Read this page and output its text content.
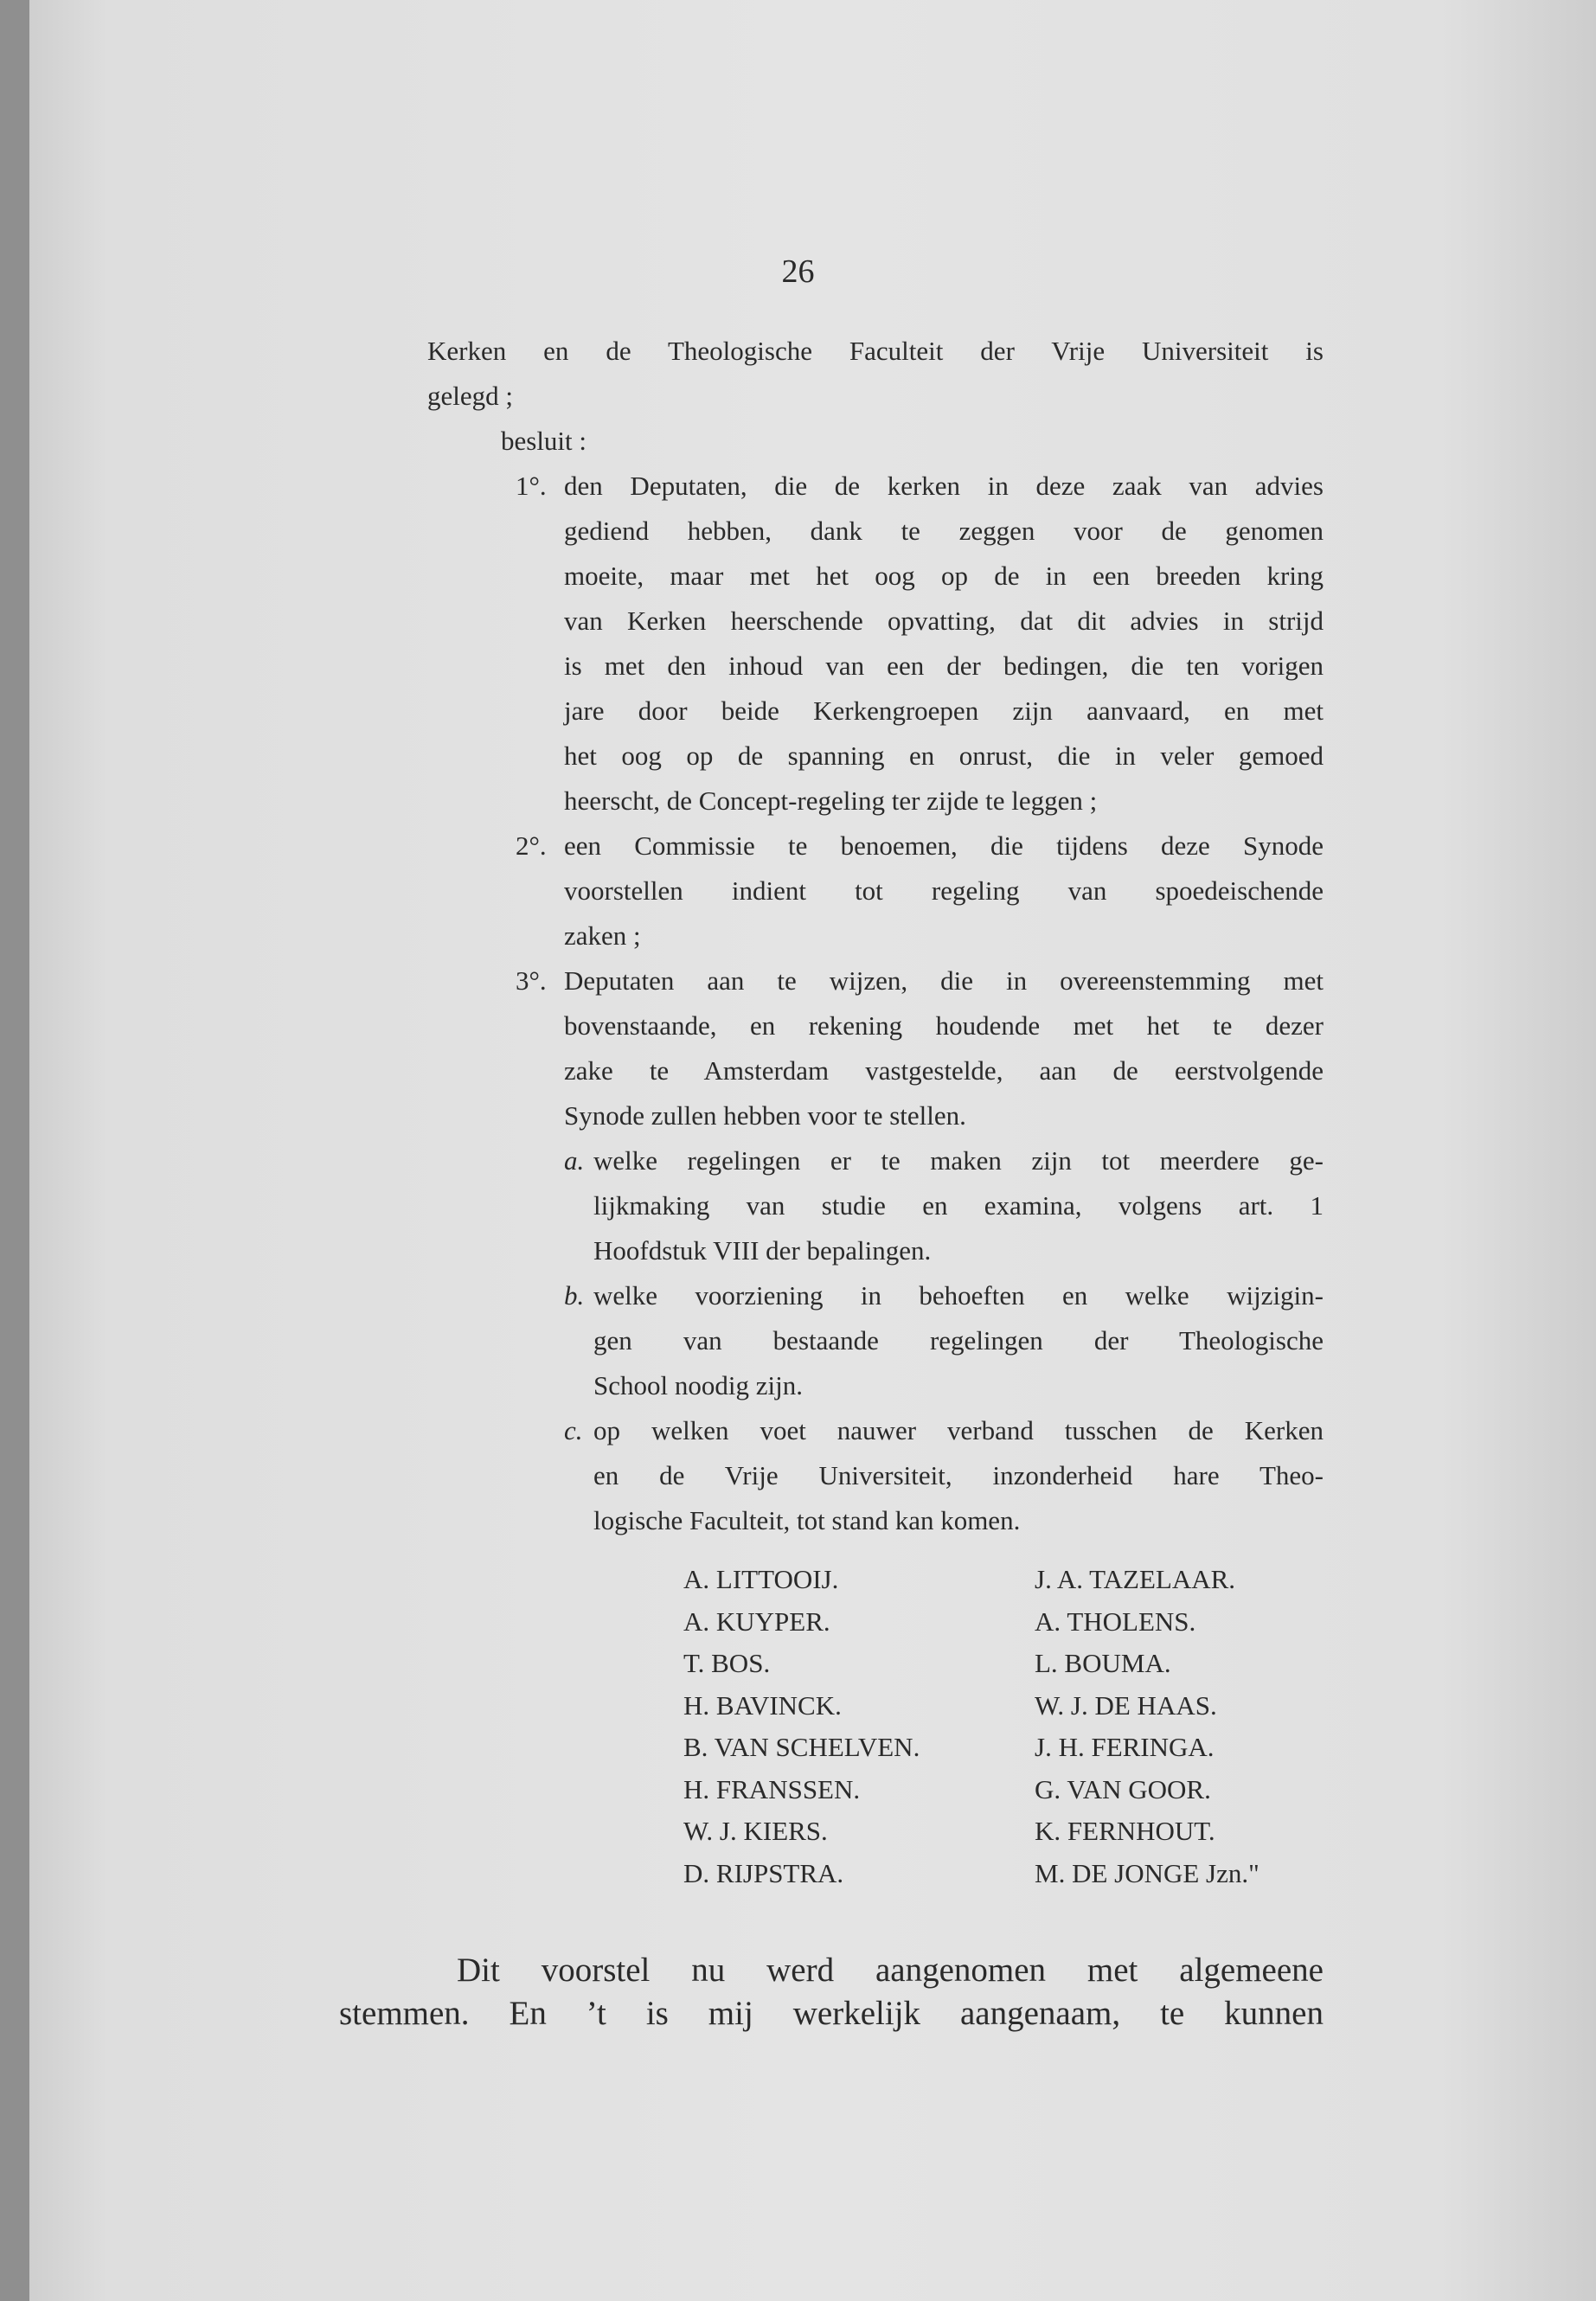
26
Kerken en de Theologische Faculteit der Vrije Universiteit is
gelegd ;
besluit :
1°. den Deputaten, die de kerken in deze zaak van advies
gediend hebben, dank te zeggen voor de genomen
moeite, maar met het oog op de in een breeden kring
van Kerken heerschende opvatting, dat dit advies in strijd
is met den inhoud van een der bedingen, die ten vorigen
jare door beide Kerkengroepen zijn aanvaard, en met
het oog op de spanning en onrust, die in veler gemoed
heerscht, de Concept-regeling ter zijde te leggen ;
2°. een Commissie te benoemen, die tijdens deze Synode
voorstellen indient tot regeling van spoedeischende
zaken ;
3°. Deputaten aan te wijzen, die in overeenstemming met
bovenstaande, en rekening houdende met het te dezer
zake te Amsterdam vastgestelde, aan de eerstvolgende
Synode zullen hebben voor te stellen.
a. welke regelingen er te maken zijn tot meerdere ge-
lijkmaking van studie en examina, volgens art. 1
Hoofdstuk VIII der bepalingen.
b. welke voorziening in behoeften en welke wijzigin-
gen van bestaande regelingen der Theologische
School noodig zijn.
c. op welken voet nauwer verband tusschen de Kerken
en de Vrije Universiteit, inzonderheid hare Theo-
logische Faculteit, tot stand kan komen.
A. LITTOOIJ.
A. KUYPER.
T. BOS.
H. BAVINCK.
B. VAN SCHELVEN.
H. FRANSSEN.
W. J. KIERS.
D. RIJPSTRA.
J. A. TAZELAAR.
A. THOLENS.
L. BOUMA.
W. J. DE HAAS.
J. H. FERINGA.
G. VAN GOOR.
K. FERNHOUT.
M. DE JONGE Jzn."
Dit voorstel nu werd aangenomen met algemeene
stemmen. En ’t is mij werkelijk aangenaam, te kunnen
